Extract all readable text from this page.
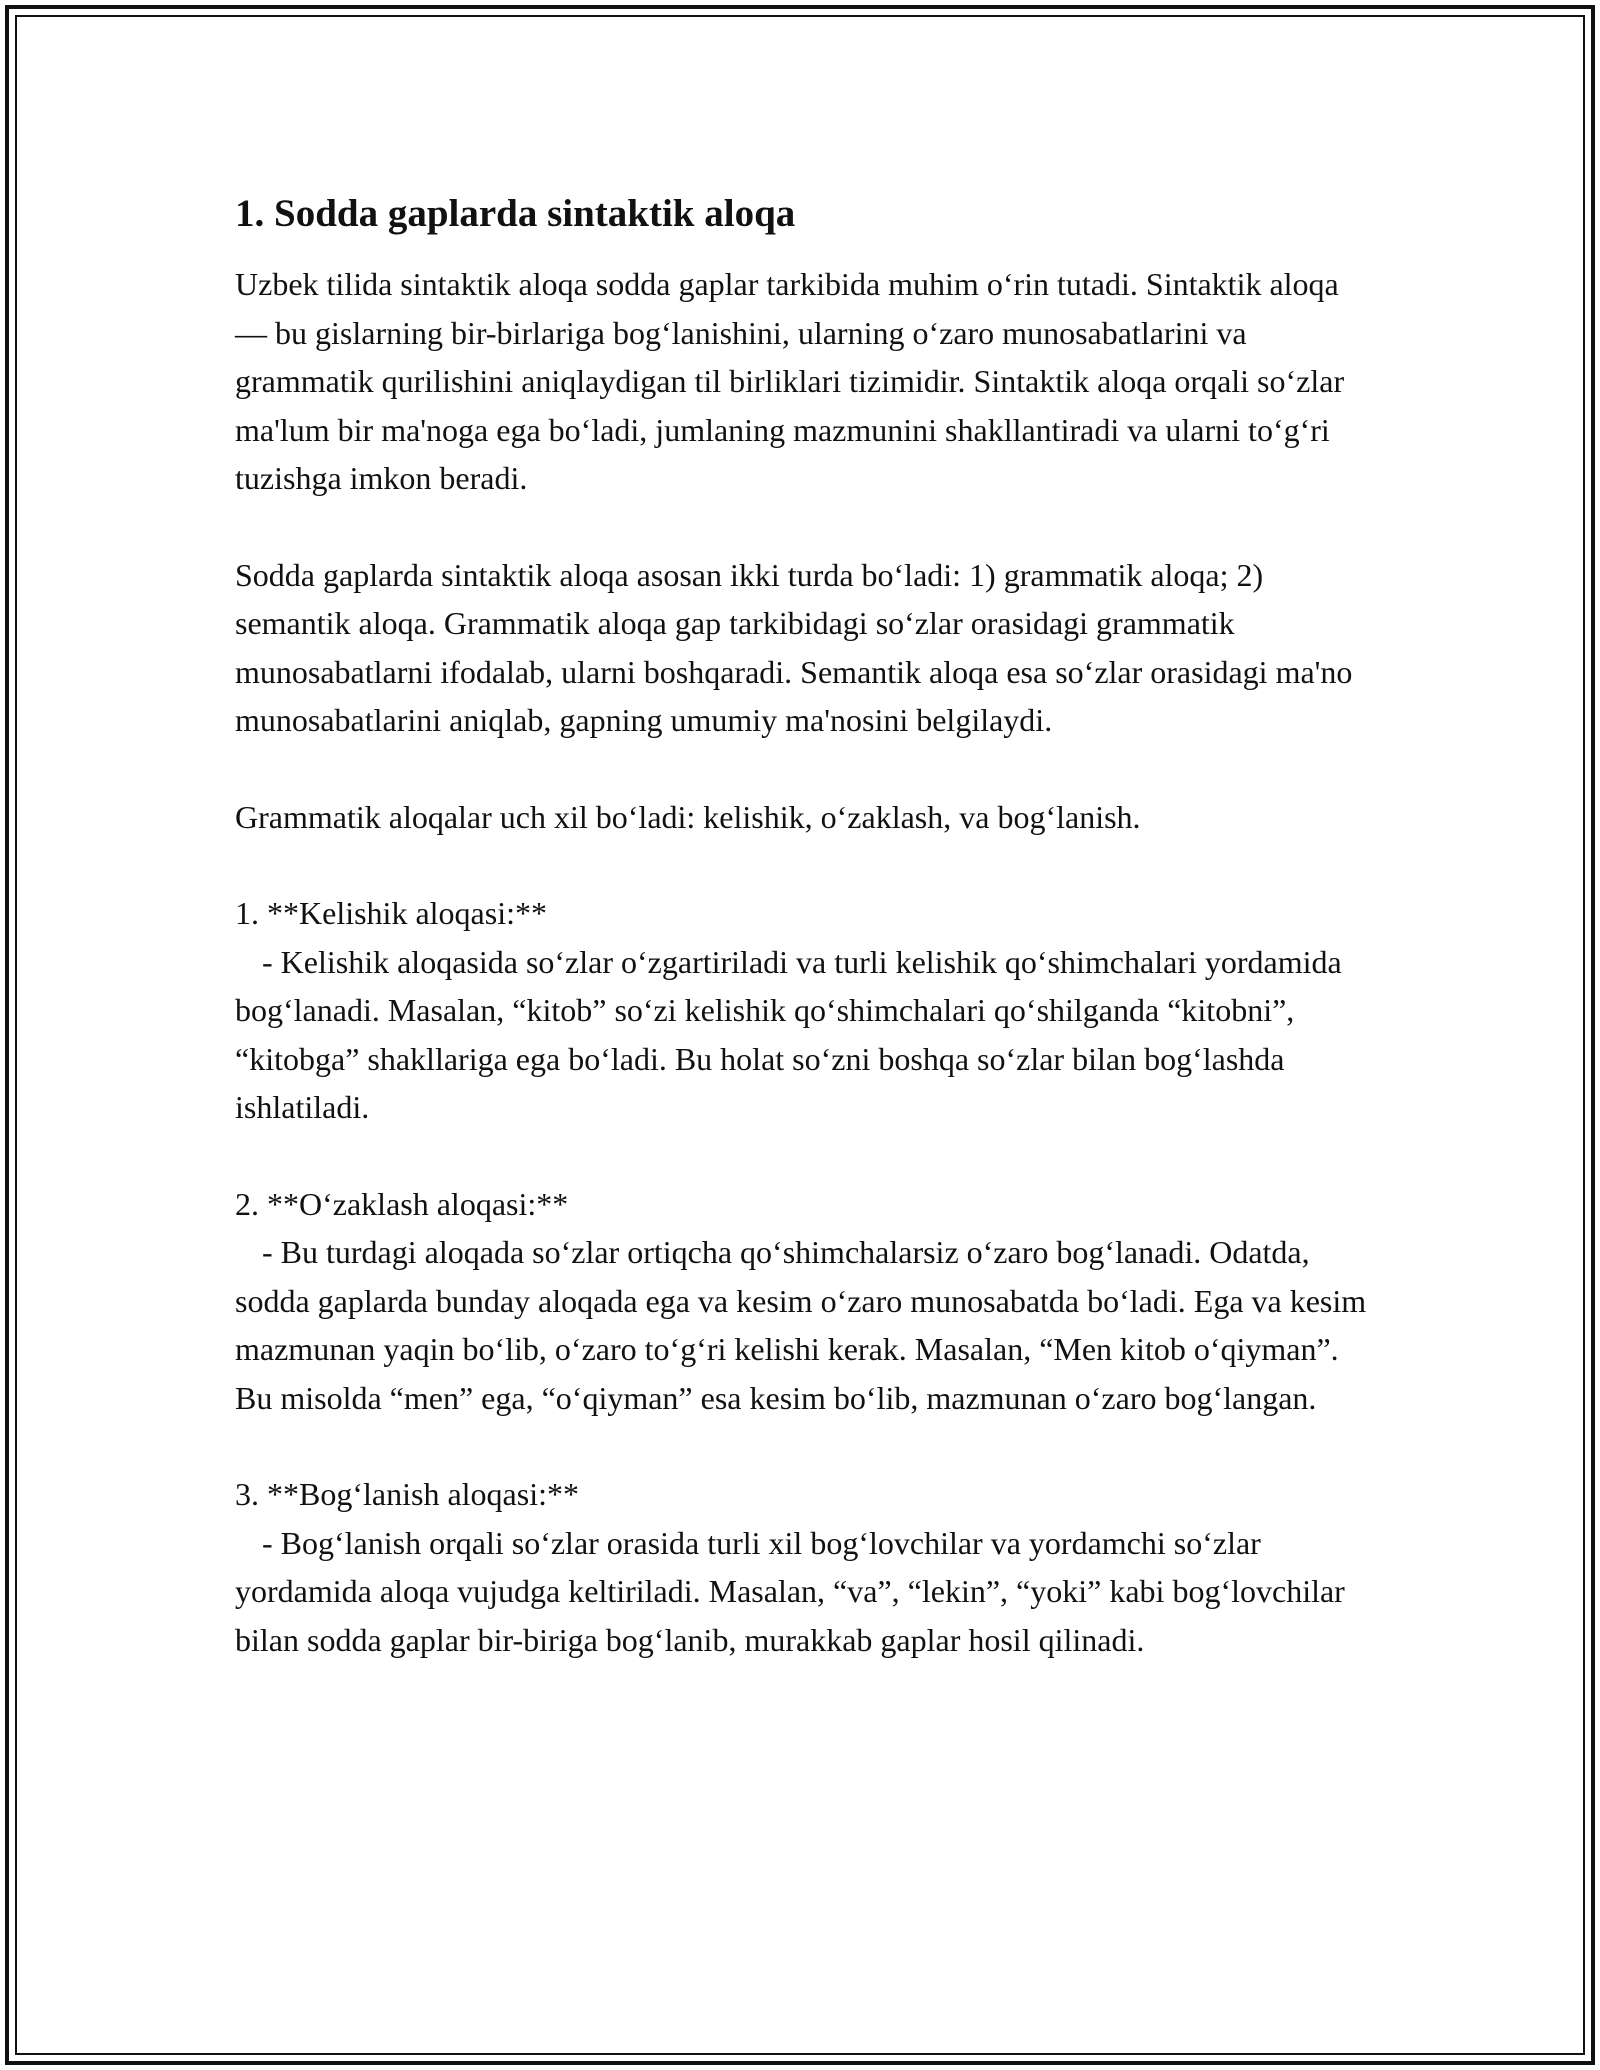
1. Sodda gaplarda sintaktik aloqa

Uzbek tilida sintaktik aloqa sodda gaplar tarkibida muhim oʻrin tutadi. Sintaktik aloqa — bu gislarning bir-birlariga bogʻlanishini, ularning oʻzaro munosabatlarini va grammatik qurilishini aniqlaydigan til birliklari tizimidir. Sintaktik aloqa orqali soʻzlar ma'lum bir ma'noga ega boʻladi, jumlaning mazmunini shakllantiradi va ularni toʻgʻri tuzishga imkon beradi.

Sodda gaplarda sintaktik aloqa asosan ikki turda boʻladi: 1) grammatik aloqa; 2) semantik aloqa. Grammatik aloqa gap tarkibidagi soʻzlar orasidagi grammatik munosabatlarni ifodalab, ularni boshqaradi. Semantik aloqa esa soʻzlar orasidagi ma'no munosabatlarini aniqlab, gapning umumiy ma'nosini belgilaydi.

Grammatik aloqalar uch xil boʻladi: kelishik, oʻzaklash, va bogʻlanish.

1. **Kelishik aloqasi:**

- Kelishik aloqasida soʻzlar oʻzgartiriladi va turli kelishik qoʻshimchalari yordamida bogʻlanadi. Masalan, “kitob” soʻzi kelishik qoʻshimchalari qoʻshilganda “kitobni”, “kitobga” shakllariga ega boʻladi. Bu holat soʻzni boshqa soʻzlar bilan bogʻlashda ishlatiladi.

2. **Oʻzaklash aloqasi:**

- Bu turdagi aloqada soʻzlar ortiqcha qoʻshimchalarsiz oʻzaro bogʻlanadi. Odatda, sodda gaplarda bunday aloqada ega va kesim oʻzaro munosabatda boʻladi. Ega va kesim mazmunan yaqin boʻlib, oʻzaro toʻgʻri kelishi kerak. Masalan, “Men kitob oʻqiyman”. Bu misolda “men” ega, “oʻqiyman” esa kesim boʻlib, mazmunan oʻzaro bogʻlangan.

3. **Bogʻlanish aloqasi:**

- Bogʻlanish orqali soʻzlar orasida turli xil bogʻlovchilar va yordamchi soʻzlar yordamida aloqa vujudga keltiriladi. Masalan, “va”, “lekin”, “yoki” kabi bogʻlovchilar bilan sodda gaplar bir-biriga bogʻlanib, murakkab gaplar hosil qilinadi.
